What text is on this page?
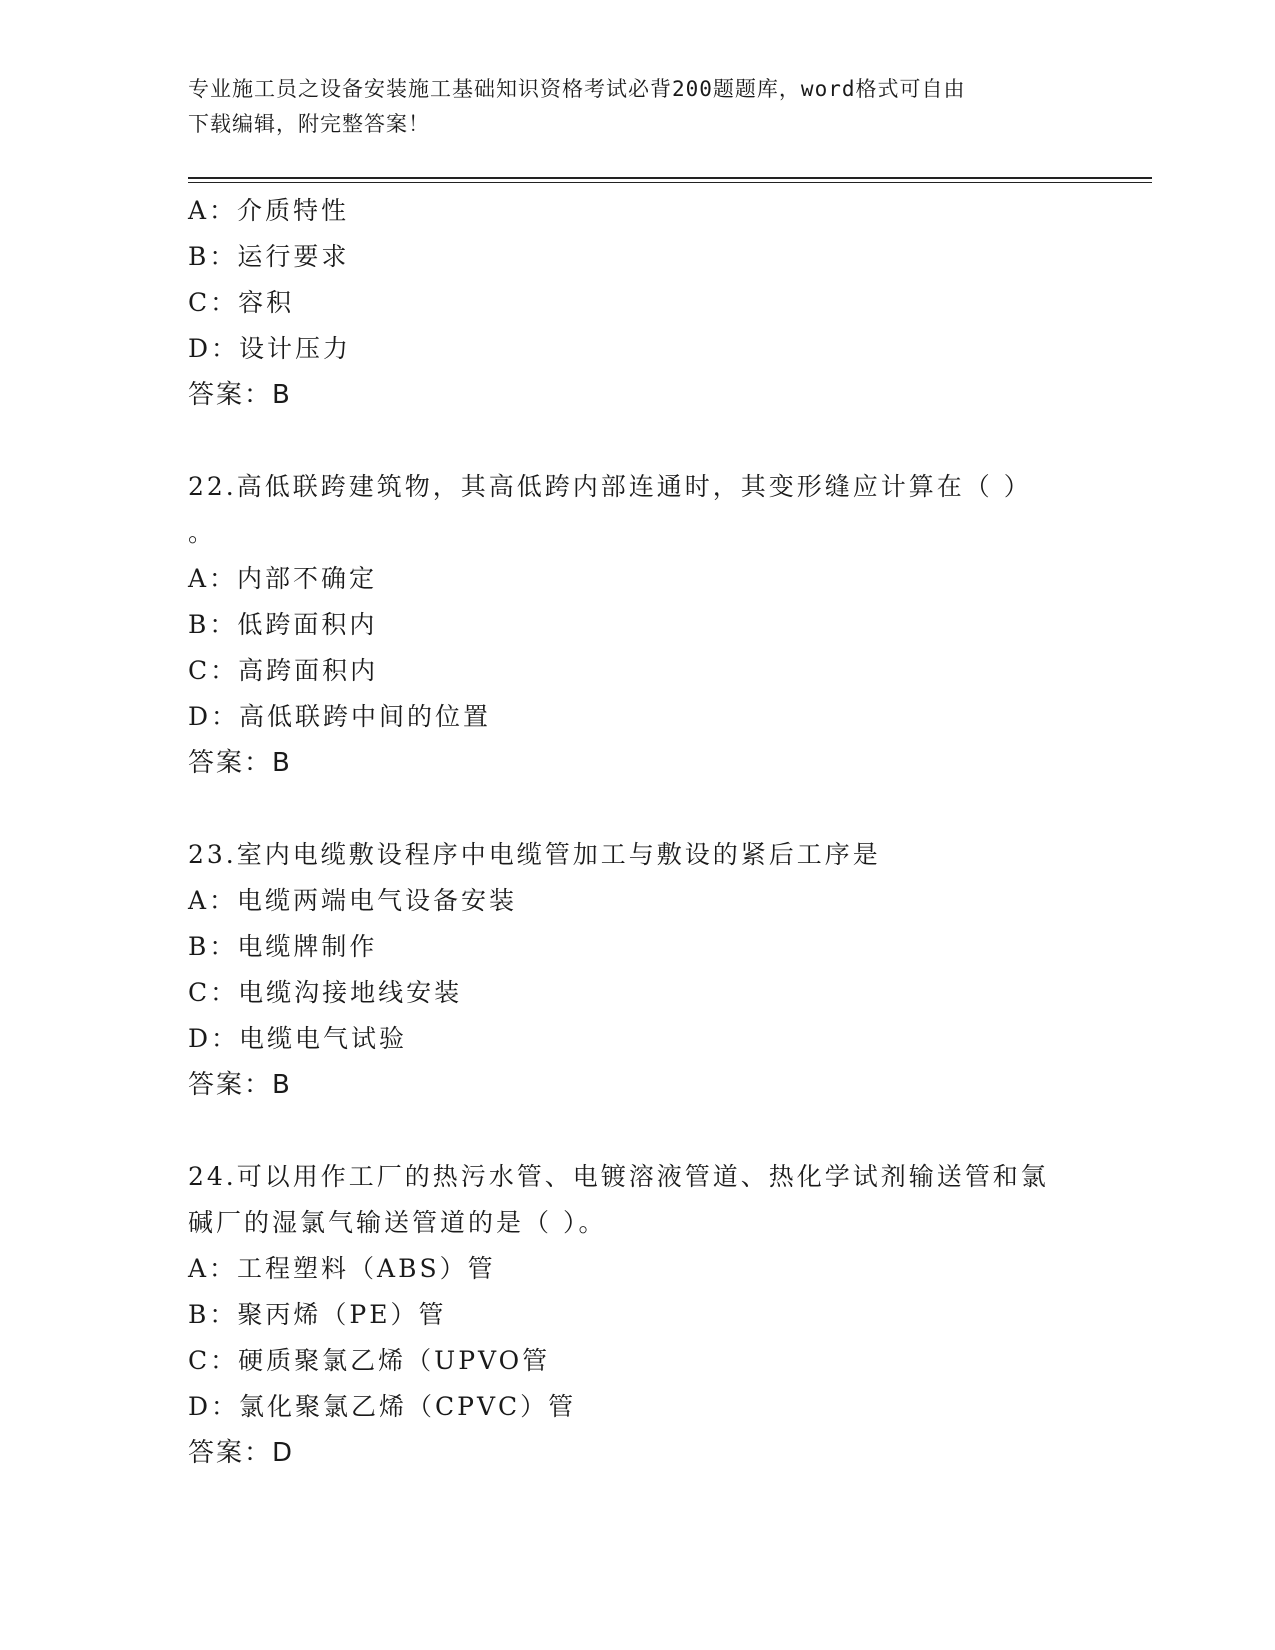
专业施工员之设备安装施工基础知识资格考试必背200题题库，word格式可自由
下载编辑，附完整答案！
A：介质特性
B：运行要求
C：容积
D：设计压力
答案：B
22.高低联跨建筑物，其高低跨内部连通时，其变形缝应计算在（ ）
。
A：内部不确定
B：低跨面积内
C：高跨面积内
D：高低联跨中间的位置
答案：B
23.室内电缆敷设程序中电缆管加工与敷设的紧后工序是
A：电缆两端电气设备安装
B：电缆牌制作
C：电缆沟接地线安装
D：电缆电气试验
答案：B
24.可以用作工厂的热污水管、电镀溶液管道、热化学试剂输送管和氯
碱厂的湿氯气输送管道的是（ ）。
A：工程塑料（ABS）管
B：聚丙烯（PE）管
C：硬质聚氯乙烯（UPVO管
D：氯化聚氯乙烯（CPVC）管
答案：D
